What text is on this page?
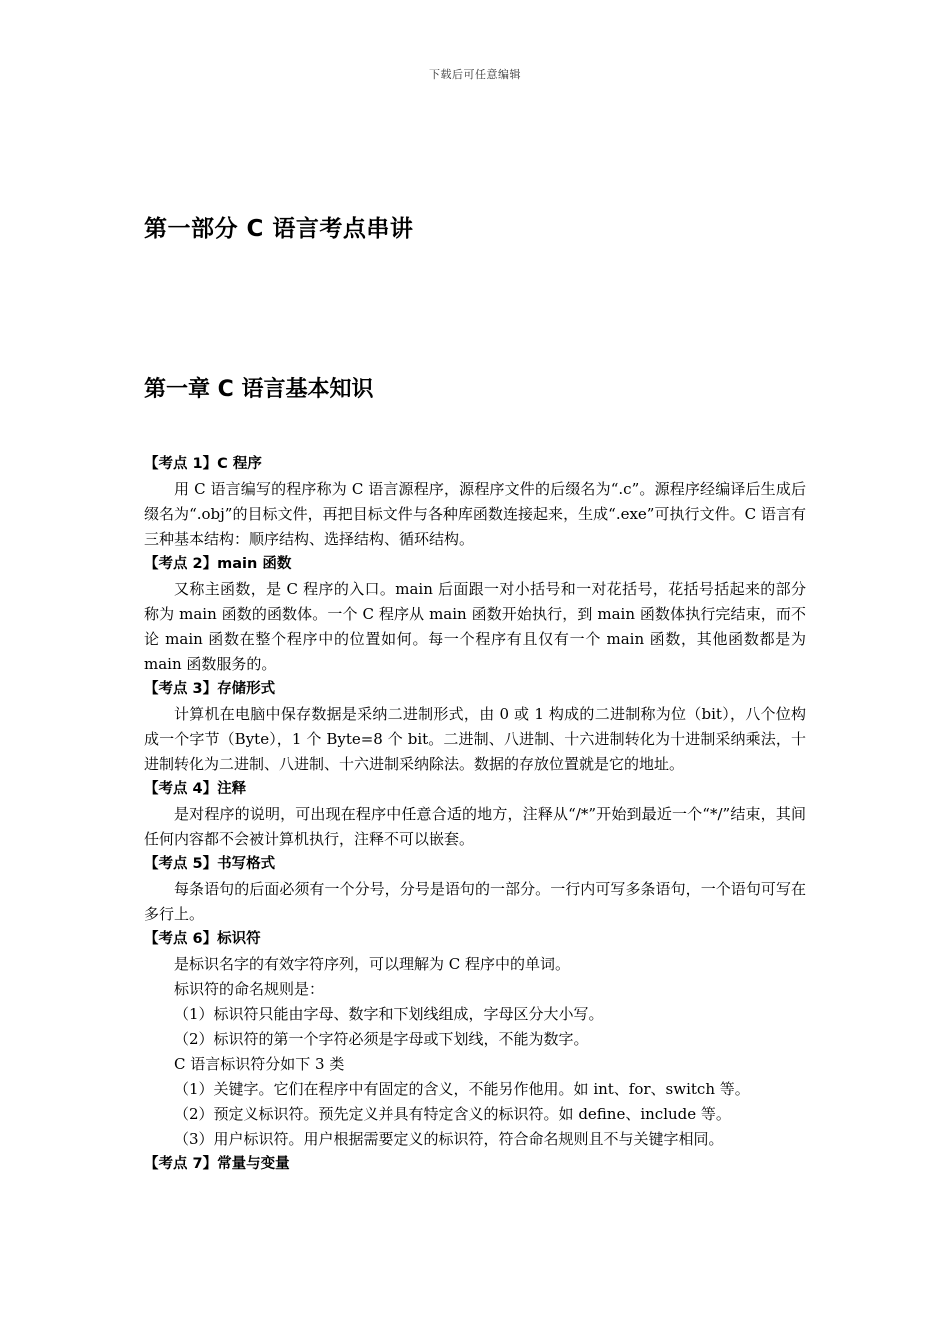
下载后可任意编辑
第一部分 C 语言考点串讲
第一章 C 语言基本知识

【考点 1】C 程序

用 C 语言编写的程序称为 C 语言源程序，源程序文件的后缀名为“.c”。源程序经编译后生成后缀名为“.obj”的目标文件，再把目标文件与各种库函数连接起来，生成“.exe”可执行文件。C 语言有三种基本结构：顺序结构、选择结构、循环结构。

【考点 2】main 函数

又称主函数，是 C 程序的入口。main 后面跟一对小括号和一对花括号，花括号括起来的部分称为 main 函数的函数体。一个 C 程序从 main 函数开始执行，到 main 函数体执行完结束，而不论 main 函数在整个程序中的位置如何。每一个程序有且仅有一个 main 函数，其他函数都是为 main 函数服务的。

【考点 3】存储形式

计算机在电脑中保存数据是采纳二进制形式，由 0 或 1 构成的二进制称为位（bit），八个位构成一个字节（Byte），1 个 Byte=8 个 bit。二进制、八进制、十六进制转化为十进制采纳乘法，十进制转化为二进制、八进制、十六进制采纳除法。数据的存放位置就是它的地址。

【考点 4】注释

是对程序的说明，可出现在程序中任意合适的地方，注释从“/*”开始到最近一个“*/”结束，其间任何内容都不会被计算机执行，注释不可以嵌套。

【考点 5】书写格式

每条语句的后面必须有一个分号，分号是语句的一部分。一行内可写多条语句，一个语句可写在多行上。

【考点 6】标识符

是标识名字的有效字符序列，可以理解为 C 程序中的单词。

标识符的命名规则是：

（1）标识符只能由字母、数字和下划线组成，字母区分大小写。

（2）标识符的第一个字符必须是字母或下划线，不能为数字。

C 语言标识符分如下 3 类

（1）关键字。它们在程序中有固定的含义，不能另作他用。如 int、for、switch 等。

（2）预定义标识符。预先定义并具有特定含义的标识符。如 define、include 等。

（3）用户标识符。用户根据需要定义的标识符，符合命名规则且不与关键字相同。

【考点 7】常量与变量
